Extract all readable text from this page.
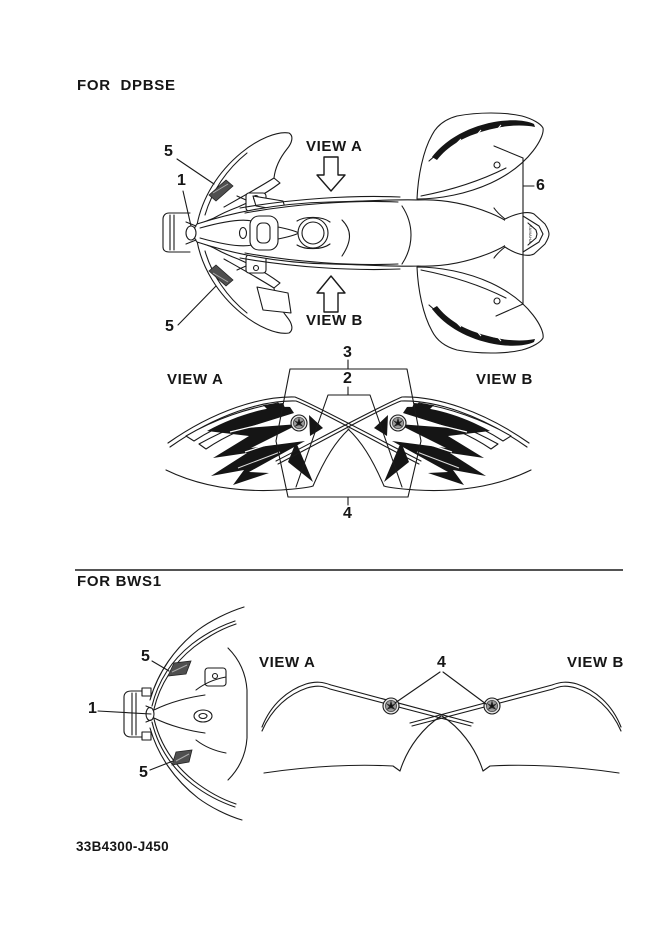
YAMAHA
FOR  DPBSE
5
1
5
6
VIEW A
VIEW B
VIEW A	VIEW B
3
2
4
FOR BWS1
5
1
5
VIEW A	4	VIEW B
33B4300-J450
